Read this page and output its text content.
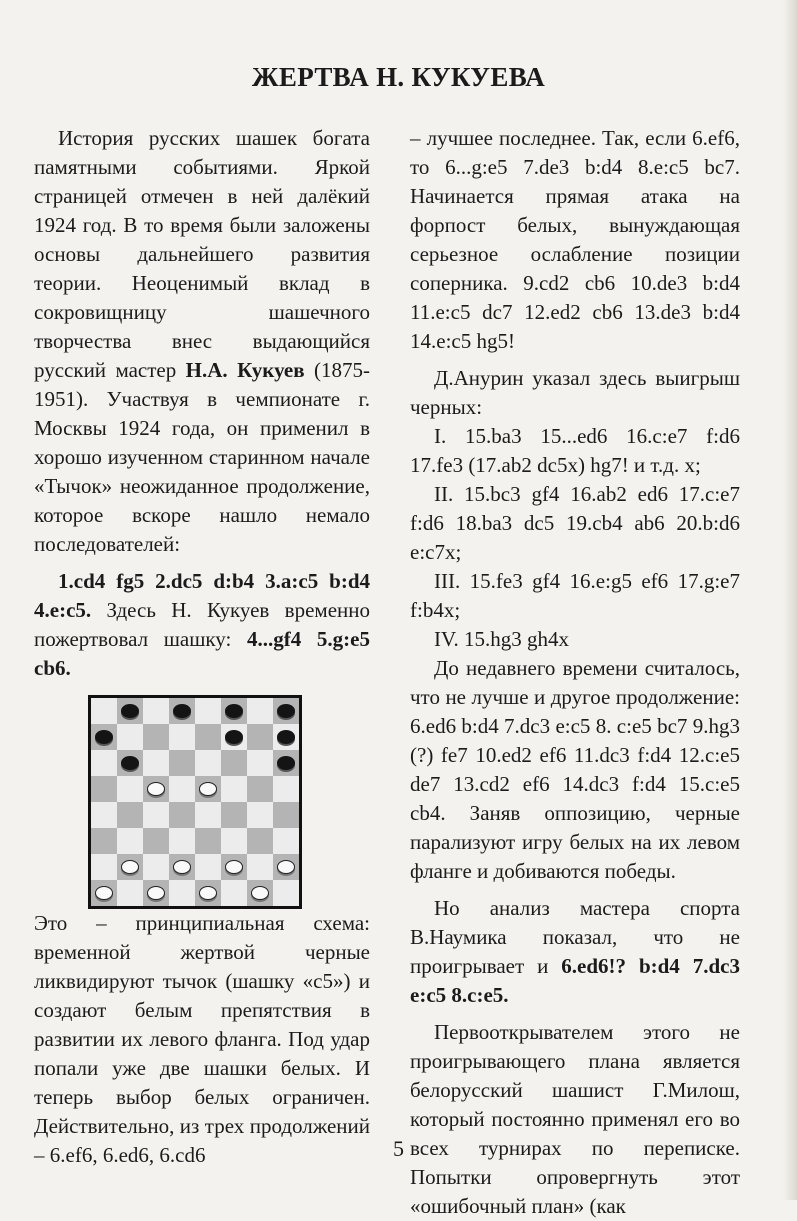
ЖЕРТВА Н. КУКУЕВА

История русских шашек богата памятными событиями. Яркой страницей отмечен в ней далёкий 1924 год. В то время были заложены основы дальнейшего развития теории. Неоценимый вклад в сокровищницу шашечного творчества внес выдающийся русский мастер Н.А. Кукуев (1875-1951). Участвуя в чемпионате г. Москвы 1924 года, он применил в хорошо изученном старинном начале «Тычок» неожиданное продолжение, которое вскоре нашло немало последователей:

1.cd4 fg5 2.dc5 d:b4 3.a:c5 b:d4 4.e:c5. Здесь Н. Кукуев временно пожертвовал шашку: 4...gf4 5.g:e5 cb6.

Это – принципиальная схема: временной жертвой черные ликвидируют тычок (шашку «с5») и создают белым препятствия в развитии их левого фланга. Под удар попали уже две шашки белых. И теперь выбор белых ограничен. Действительно, из трех продолжений – 6.ef6, 6.ed6, 6.cd6

– лучшее последнее. Так, если 6.ef6, то 6...g:e5 7.de3 b:d4 8.e:c5 bc7. Начинается прямая атака на форпост белых, вынуждающая серьезное ослабление позиции соперника. 9.cd2 cb6 10.de3 b:d4 11.e:c5 dc7 12.ed2 cb6 13.de3 b:d4 14.e:c5 hg5!

Д.Анурин указал здесь выигрыш черных:

I. 15.ba3 15...ed6 16.c:e7 f:d6 17.fe3 (17.ab2 dc5x) hg7! и т.д. х;

II. 15.bc3 gf4 16.ab2 ed6 17.c:e7 f:d6 18.ba3 dc5 19.cb4 ab6 20.b:d6 e:c7x;

III. 15.fe3 gf4 16.e:g5 ef6 17.g:e7 f:b4x;

IV. 15.hg3 gh4x

До недавнего времени считалось, что не лучше и другое продолжение: 6.ed6 b:d4 7.dc3 e:c5 8. c:e5 bc7 9.hg3 (?) fe7 10.ed2 ef6 11.dc3 f:d4 12.c:e5 de7 13.cd2 ef6 14.dc3 f:d4 15.c:e5 cb4. Заняв оппозицию, черные парализуют игру белых на их левом фланге и добиваются победы.

Но анализ мастера спорта В.Наумика показал, что не проигрывает и 6.ed6!? b:d4 7.dc3 e:c5 8.c:e5.

Первооткрывателем этого не проигрывающего плана является белорусский шашист Г.Милош, который постоянно применял его во всех турнирах по переписке. Попытки опровергнуть этот «ошибочный план» (как

5
